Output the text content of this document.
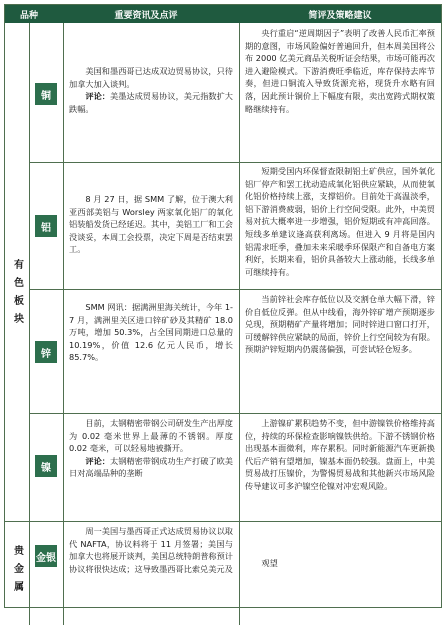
品种	重要资讯及点评	简评及策略建议
有色板块
贵金属
铜

美国和墨西哥已达成双边贸易协议，只待加拿大加入谈判。

评论：美墨达成贸易协议，美元指数扩大跌幅。

央行重启“逆周期因子”表明了改善人民币汇率预期的意图，市场风险偏好普遍回升，但本周美国将公布 2000 亿美元商品关税听证会结果，市场可能再次进入避险模式。下游消费旺季临近，库存保持去库节奏，但进口铜流入导致货源充裕，现货升水略有回落，因此预计铜价上下幅度有限，卖出宽跨式期权策略继续持有。

铝

8 月 27 日，据 SMM 了解，位于澳大利亚西部美铝与 Worsley 两家氧化铝厂的氧化铝装船发货已经延迟。其中，美铝工厂和工会没谈妥，本周工会投票，决定下周是否结束罢工。

短期受国内环保督查限制铝土矿供应，国外氧化铝厂停产和罢工扰动造成氧化铝供应紧缺，从而使氧化铝价格持续上涨，支撑铝价。目前处于高温淡季，铝下游消费疲弱，铝价上行空间受限。此外，中美贸易对抗大概率进一步增强，铝价短期或有冲高回落。短线多单建议逢高获利离场。但进入 9 月将是国内铝需求旺季，叠加未来采暖季环保限产和自备电方案利好，长期来看，铝价具备较大上涨动能，长线多单可继续持有。

锌

SMM 网讯：据满洲里海关统计，今年 1-7 月，满洲里关区进口锌矿砂及其精矿 18.0 万吨，增加 50.3%，占全国同期进口总量的 10.19%，价值 12.6 亿元人民币，增长 85.7%。

当前锌社会库存低位以及交割仓单大幅下滑，锌价自低位反弹。但从中线看，海外锌矿增产预期逐步兑现，预期精矿产量将增加；同时锌进口窗口打开，可缓解锌供应紧缺的局面，锌价上行空间较为有限。预期沪锌短期内仍震荡偏强，可尝试轻仓短多。

镍

目前，太钢精密带钢公司研发生产出厚度为 0.02 毫米世界上最薄的不锈钢。厚度 0.02 毫米，可以轻易地被撕开。

评论：太钢精密带钢成功生产打破了欧美日对高端品种的垄断

上游镍矿累积趋势不变，但中游镍铁价格维持高位，持续的环保检查影响镍铁供给。下游不锈钢价格出现基本面微利，库存累积。同时新能源汽车更新换代后产销有望增加，镍基本面仍较强。盘面上，中美贸易战打压镍价，为警惕贸易战和其他新兴市场风险传导建议可多沪镍空伦镍对冲宏观风险。

金银

周一美国与墨西哥正式达成贸易协议以取代 NAFTA，协议料将于 11 月签署；美国与加拿大也将展开谈判，美国总统特朗普称预计协议将很快达成；这导致墨西哥比索兑美元及

观望
